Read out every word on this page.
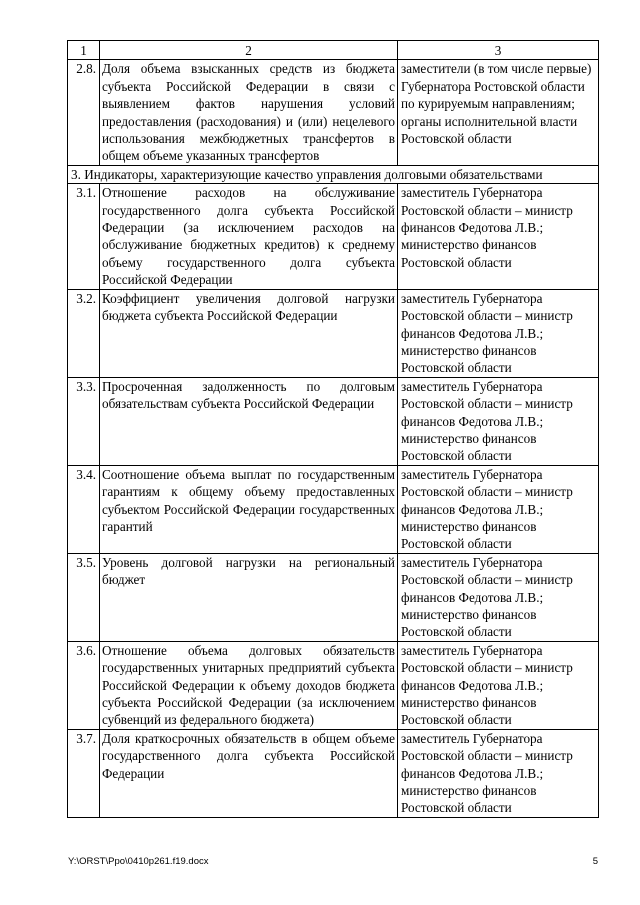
1	2	3
2.8.	Доля объема взысканных средств из бюджета субъекта Российской Федерации в связи с выявлением фактов нарушения условий предоставления (расходования) и (или) нецелевого использования межбюджетных трансфертов в общем объеме указанных трансфертов	заместители (в том числе первые) Губернатора Ростовской области по курируемым направлениям; органы исполнительной власти Ростовской области
3. Индикаторы, характеризующие качество управления долговыми обязательствами		
3.1.	Отношение расходов на обслуживание государственного долга субъекта Российской Федерации (за исключением расходов на обслуживание бюджетных кредитов) к среднему объему государственного долга субъекта Российской Федерации	заместитель Губернатора Ростовской области – министр финансов Федотова Л.В.; министерство финансов Ростовской области
3.2.	Коэффициент увеличения долговой нагрузки бюджета субъекта Российской Федерации	заместитель Губернатора Ростовской области – министр финансов Федотова Л.В.; министерство финансов Ростовской области
3.3.	Просроченная задолженность по долговым обязательствам субъекта Российской Федерации	заместитель Губернатора Ростовской области – министр финансов Федотова Л.В.; министерство финансов Ростовской области
3.4.	Соотношение объема выплат по государственным гарантиям к общему объему предоставленных субъектом Российской Федерации государственных гарантий	заместитель Губернатора Ростовской области – министр финансов Федотова Л.В.; министерство финансов Ростовской области
3.5.	Уровень долговой нагрузки на региональный бюджет	заместитель Губернатора Ростовской области – министр финансов Федотова Л.В.; министерство финансов Ростовской области
3.6.	Отношение объема долговых обязательств государственных унитарных предприятий субъекта Российской Федерации к объему доходов бюджета субъекта Российской Федерации (за исключением субвенций из федерального бюджета)	заместитель Губернатора Ростовской области – министр финансов Федотова Л.В.; министерство финансов Ростовской области
3.7.	Доля краткосрочных обязательств в общем объеме государственного долга субъекта Российской Федерации	заместитель Губернатора Ростовской области – министр финансов Федотова Л.В.; министерство финансов Ростовской области
Y:\ORST\Ppo\0410p261.f19.docx	5
